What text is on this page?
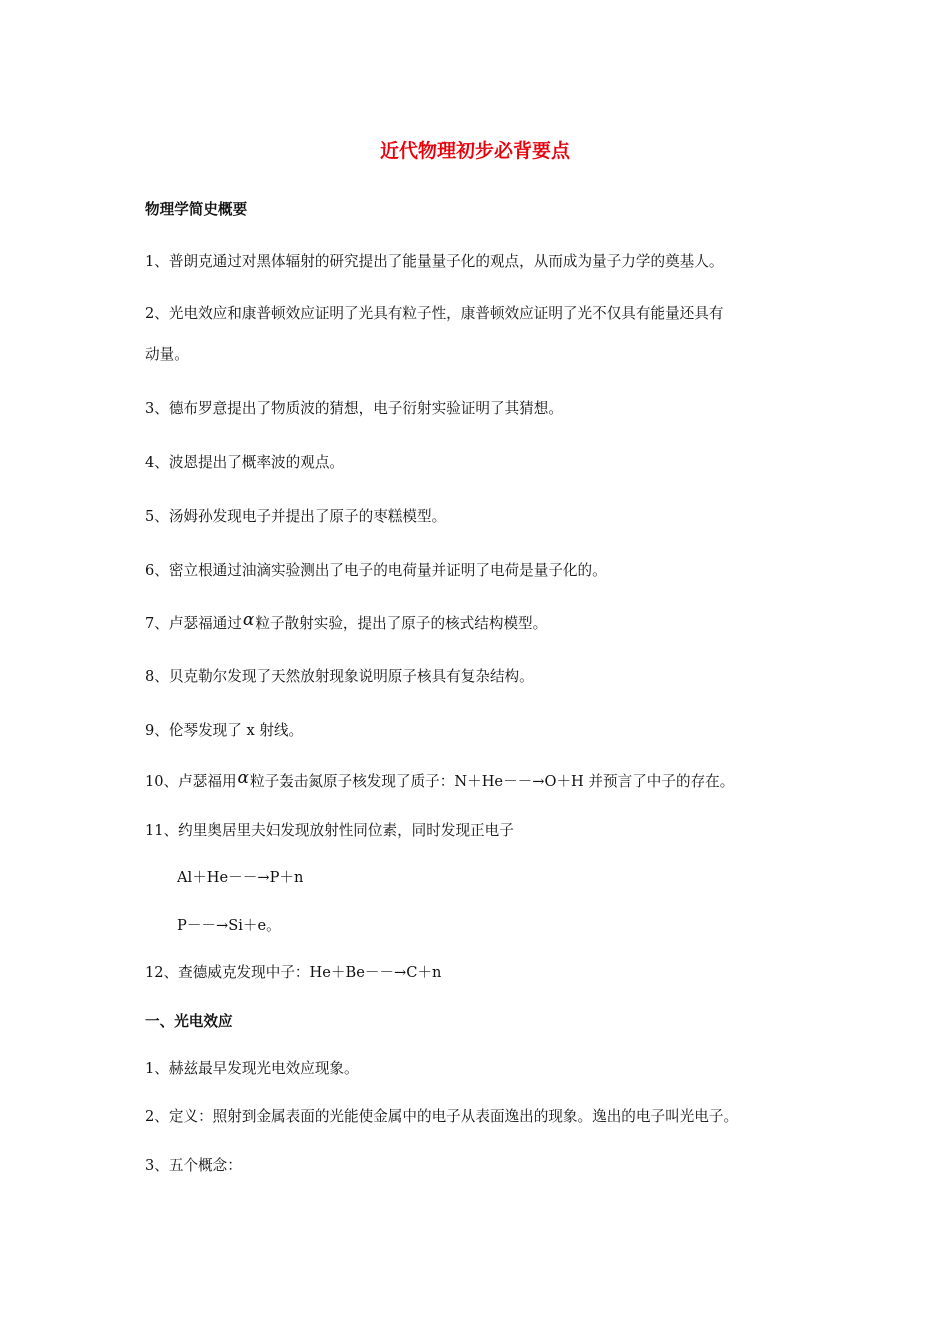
近代物理初步必背要点
物理学简史概要
1、普朗克通过对黑体辐射的研究提出了能量量子化的观点，从而成为量子力学的奠基人。
2、光电效应和康普顿效应证明了光具有粒子性，康普顿效应证明了光不仅具有能量还具有
动量。
3、德布罗意提出了物质波的猜想，电子衍射实验证明了其猜想。
4、波恩提出了概率波的观点。
5、汤姆孙发现电子并提出了原子的枣糕模型。
6、密立根通过油滴实验测出了电子的电荷量并证明了电荷是量子化的。
7、卢瑟福通过α粒子散射实验，提出了原子的核式结构模型。
8、贝克勒尔发现了天然放射现象说明原子核具有复杂结构。
9、伦琴发现了 x 射线。
10、卢瑟福用α粒子轰击氮原子核发现了质子：N＋He－－→O＋H 并预言了中子的存在。
11、约里奥居里夫妇发现放射性同位素，同时发现正电子
Al＋He－－→P＋n
P－－→Si＋e。
12、查德威克发现中子：He＋Be－－→C＋n
一、光电效应
1、赫兹最早发现光电效应现象。
2、定义：照射到金属表面的光能使金属中的电子从表面逸出的现象。逸出的电子叫光电子。
3、五个概念：
